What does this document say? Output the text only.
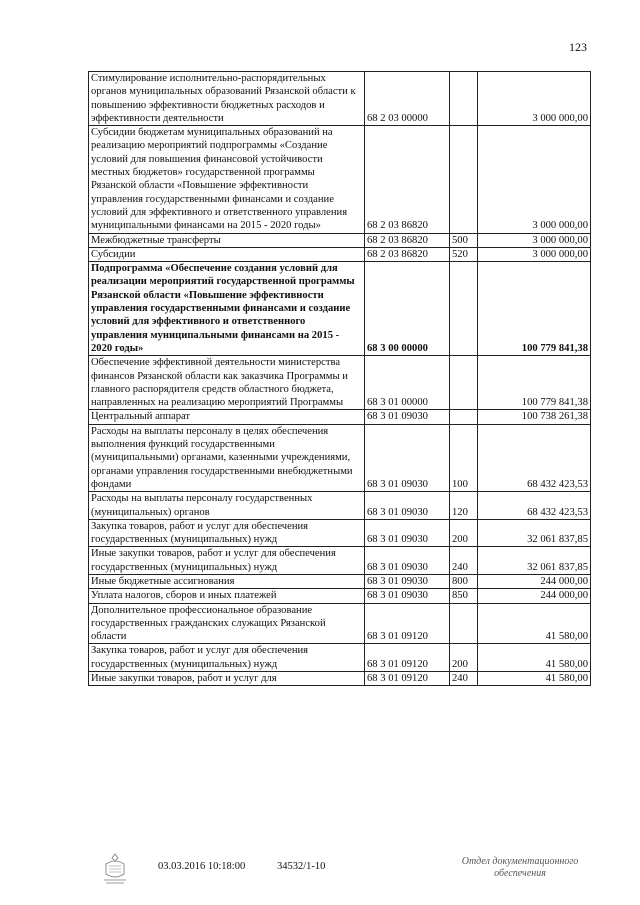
123
Стимулирование исполнительно-распорядительных органов муниципальных образований Рязанской области к повышению эффективности бюджетных расходов и эффективности деятельности	68 2 03 00000		3 000 000,00
Субсидии бюджетам муниципальных образований на реализацию мероприятий подпрограммы «Создание условий для повышения финансовой устойчивости местных бюджетов» государственной программы Рязанской области «Повышение эффективности управления государственными финансами и создание условий для эффективного и ответственного управления муниципальными финансами на 2015 - 2020 годы»	68 2 03 86820		3 000 000,00
Межбюджетные трансферты	68 2 03 86820	500	3 000 000,00
Субсидии	68 2 03 86820	520	3 000 000,00
Подпрограмма «Обеспечение создания условий для реализации мероприятий государственной программы Рязанской области «Повышение эффективности управления государственными финансами и создание условий для эффективного и ответственного управления муниципальными финансами на 2015 - 2020 годы»	68 3 00 00000		100 779 841,38
Обеспечение эффективной деятельности министерства финансов Рязанской области как заказчика Программы и главного распорядителя средств областного бюджета, направленных на реализацию мероприятий Программы	68 3 01 00000		100 779 841,38
Центральный аппарат	68 3 01 09030		100 738 261,38
Расходы на выплаты персоналу в целях обеспечения выполнения функций государственными (муниципальными) органами, казенными учреждениями, органами управления государственными внебюджетными фондами	68 3 01 09030	100	68 432 423,53
Расходы на выплаты персоналу государственных (муниципальных) органов	68 3 01 09030	120	68 432 423,53
Закупка товаров, работ и услуг для обеспечения государственных (муниципальных) нужд	68 3 01 09030	200	32 061 837,85
Иные закупки товаров, работ и услуг для обеспечения государственных (муниципальных) нужд	68 3 01 09030	240	32 061 837,85
Иные бюджетные ассигнования	68 3 01 09030	800	244 000,00
Уплата налогов, сборов и иных платежей	68 3 01 09030	850	244 000,00
Дополнительное профессиональное образование государственных гражданских служащих Рязанской области	68 3 01 09120		41 580,00
Закупка товаров, работ и услуг для обеспечения государственных (муниципальных) нужд	68 3 01 09120	200	41 580,00
Иные закупки товаров, работ и услуг для	68 3 01 09120	240	41 580,00
03.03.2016 10:18:00	34532/1-10	Отдел документационного
обеспечения
